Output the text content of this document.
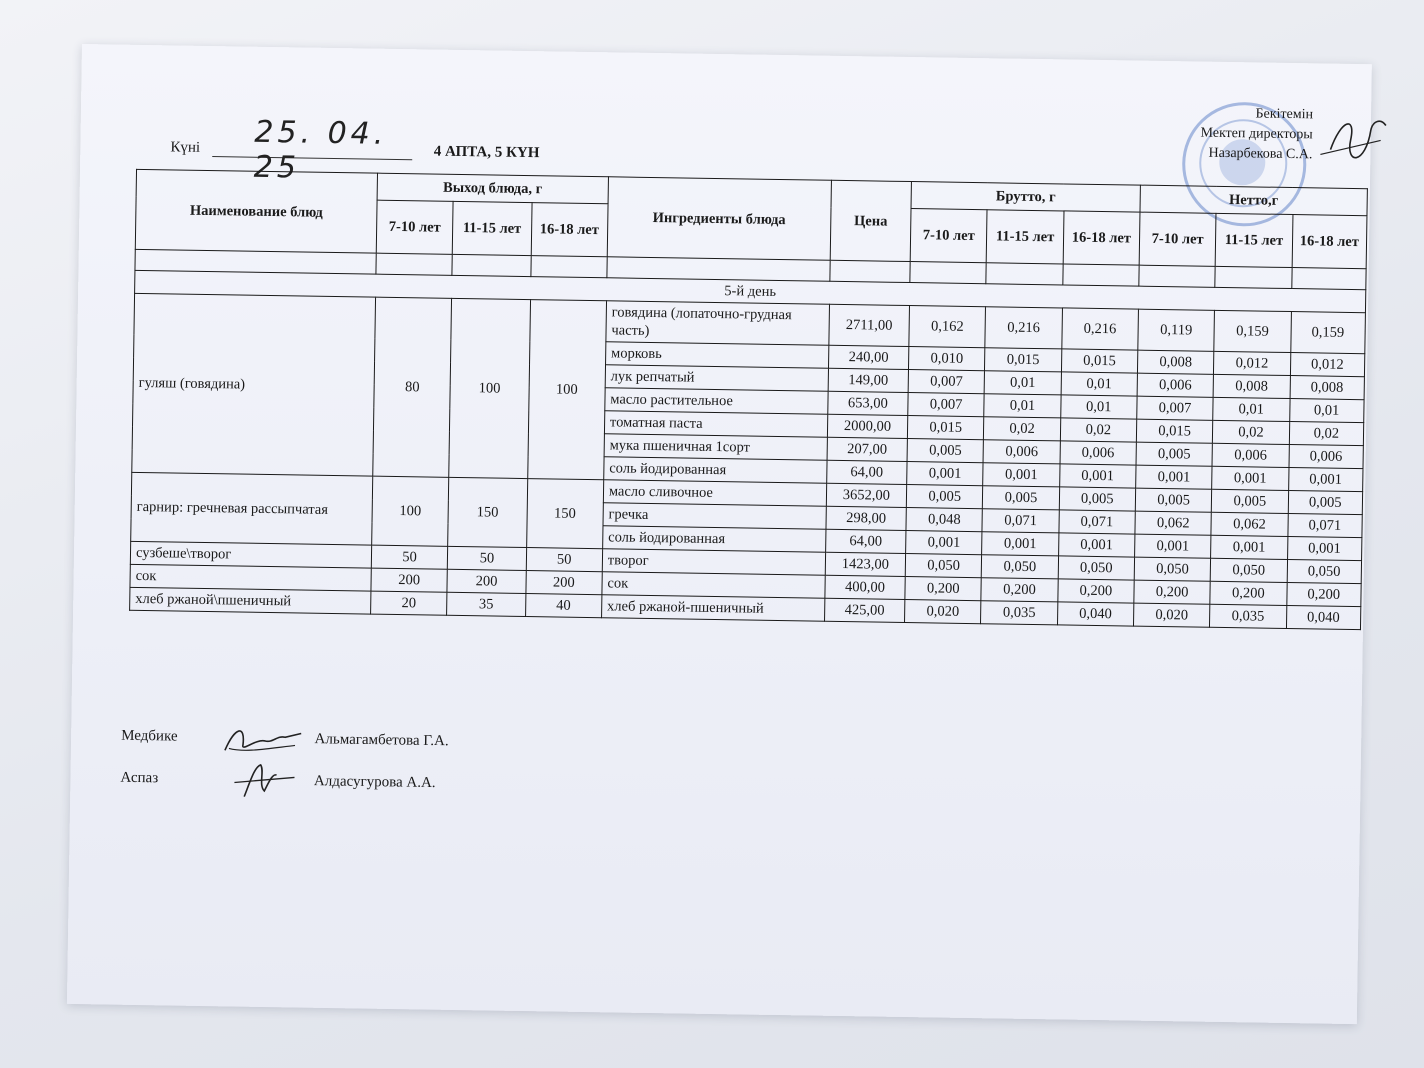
Күні 25. 04. 25	4 АПТА, 5 КҮН
Бекітемін
Мектеп директоры
Назарбекова С.А.
Наименование блюд	Выход блюда, г			Ингредиенты блюда	Цена	Брутто, г			Нетто,г		
	7-10 лет	11-15 лет	16-18 лет			7-10 лет	11-15 лет	16-18 лет	7-10 лет	11-15 лет	16-18 лет

5-й день											
гуляш (говядина)	80	100	100	говядина (лопаточно-грудная часть)	2711,00	0,162	0,216	0,216	0,119	0,159	0,159
				морковь	240,00	0,010	0,015	0,015	0,008	0,012	0,012
				лук репчатый	149,00	0,007	0,01	0,01	0,006	0,008	0,008
				масло растительное	653,00	0,007	0,01	0,01	0,007	0,01	0,01
				томатная паста	2000,00	0,015	0,02	0,02	0,015	0,02	0,02
				мука пшеничная 1сорт	207,00	0,005	0,006	0,006	0,005	0,006	0,006
				соль йодированная	64,00	0,001	0,001	0,001	0,001	0,001	0,001
гарнир: гречневая рассыпчатая	100	150	150	масло сливочное	3652,00	0,005	0,005	0,005	0,005	0,005	0,005
				гречка	298,00	0,048	0,071	0,071	0,062	0,062	0,071
				соль йодированная	64,00	0,001	0,001	0,001	0,001	0,001	0,001
сузбеше\творог	50	50	50	творог	1423,00	0,050	0,050	0,050	0,050	0,050	0,050
сок	200	200	200	сок	400,00	0,200	0,200	0,200	0,200	0,200	0,200
хлеб ржаной\пшеничный	20	35	40	хлеб ржаной-пшеничный	425,00	0,020	0,035	0,040	0,020	0,035	0,040
Медбике	Альмагамбетова Г.А.
Аспаз	Алдасугурова А.А.
